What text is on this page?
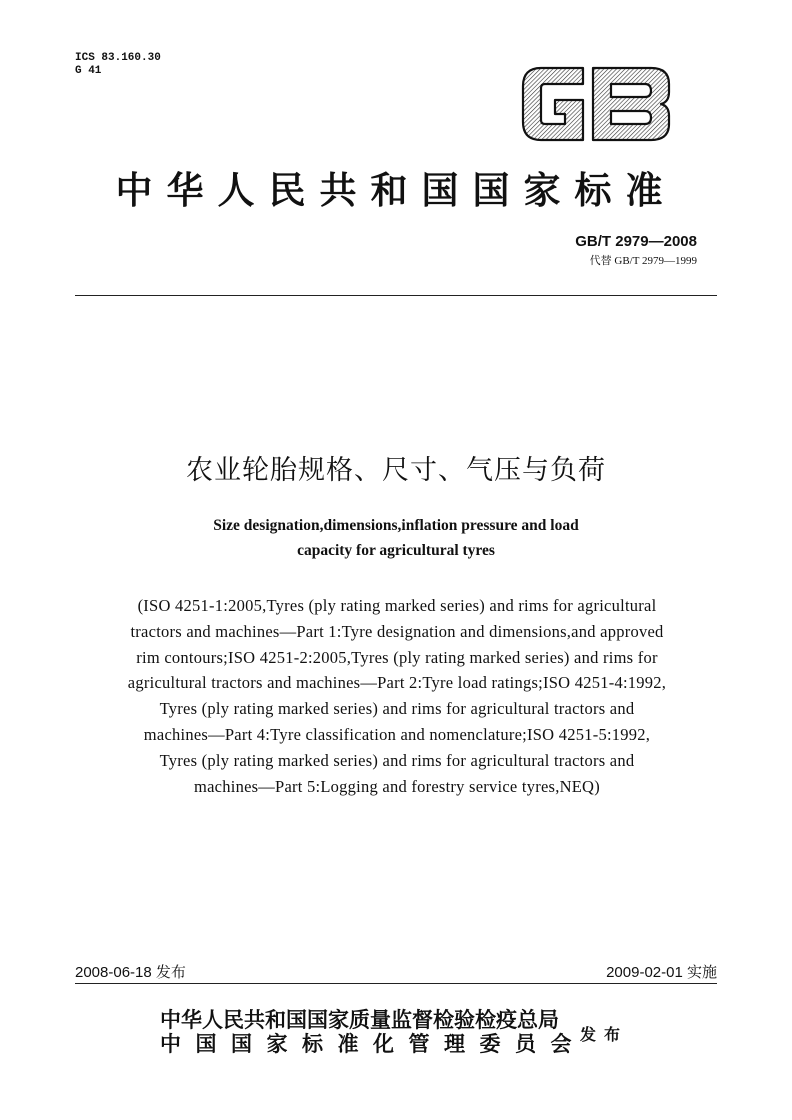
ICS 83.160.30
G 41
中华人民共和国国家标准
GB/T 2979—2008
代替 GB/T 2979—1999
农业轮胎规格、尺寸、气压与负荷
Size designation,dimensions,inflation pressure and load
capacity for agricultural tyres
(ISO 4251-1:2005,Tyres (ply rating marked series) and rims for agricultural
tractors and machines—Part 1:Tyre designation and dimensions,and approved
rim contours;ISO 4251-2:2005,Tyres (ply rating marked series) and rims for
agricultural tractors and machines—Part 2:Tyre load ratings;ISO 4251-4:1992,
Tyres (ply rating marked series) and rims for agricultural tractors and
machines—Part 4:Tyre classification and nomenclature;ISO 4251-5:1992,
Tyres (ply rating marked series) and rims for agricultural tractors and
machines—Part 5:Logging and forestry service tyres,NEQ)
2008-06-18 发布	2009-02-01 实施
中华人民共和国国家质量监督检验检疫总局
中国国家标准化管理委员会
发布
